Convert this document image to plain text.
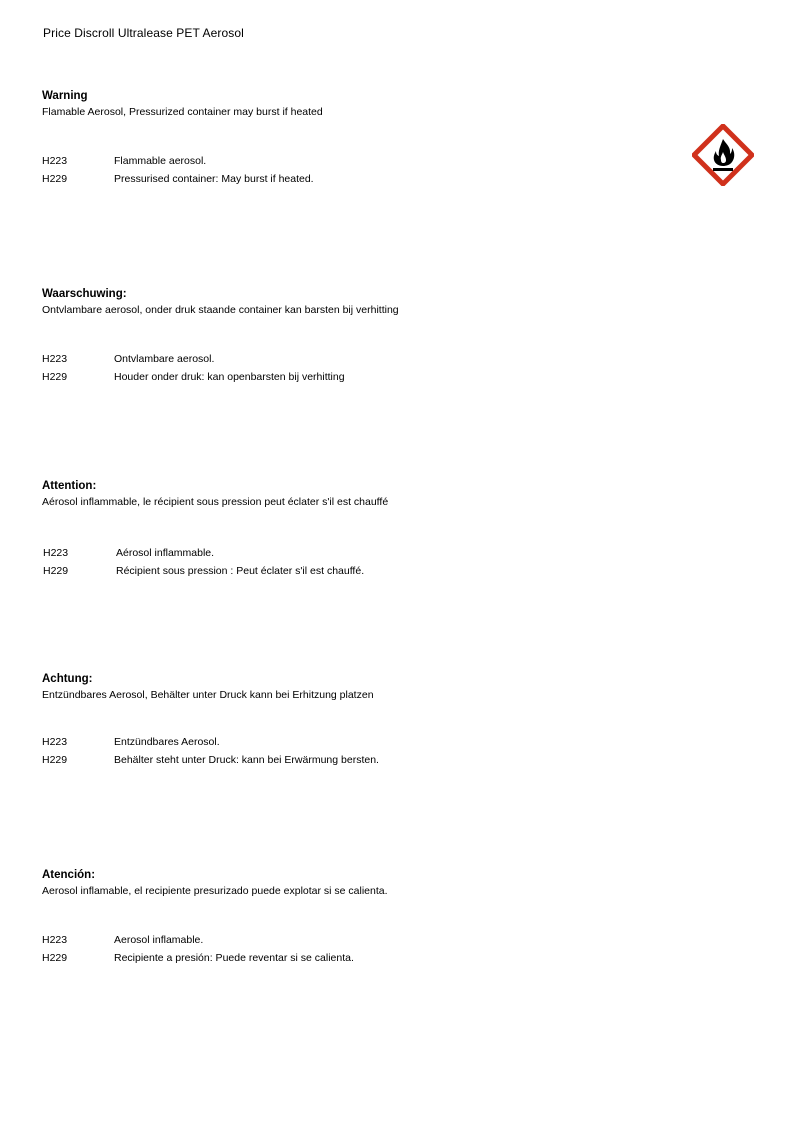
Price Discroll Ultralease PET Aerosol
Warning
Flamable Aerosol, Pressurized container may burst if heated
H223	Flammable aerosol.
H229	Pressurised container: May burst if heated.
Waarschuwing:
Ontvlambare aerosol, onder druk staande container kan barsten bij verhitting
H223	Ontvlambare aerosol.
H229	Houder onder druk: kan openbarsten bij verhitting
Attention:
Aérosol inflammable, le récipient sous pression peut éclater s'il est chauffé
H223	Aérosol inflammable.
H229	Récipient sous pression : Peut éclater s'il est chauffé.
Achtung:
Entzündbares Aerosol, Behälter unter Druck kann bei Erhitzung platzen
H223	Entzündbares Aerosol.
H229	Behälter steht unter Druck: kann bei Erwärmung bersten.
Atención:
Aerosol inflamable, el recipiente presurizado puede explotar si se calienta.
H223	Aerosol inflamable.
H229	Recipiente a presión: Puede reventar si se calienta.
